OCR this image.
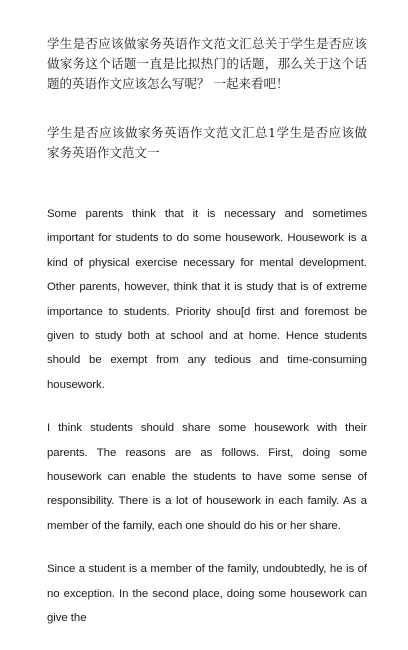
学生是否应该做家务英语作文范文汇总关于学生是否应该做家务这个话题一直是比拟热门的话题，那么关于这个话题的英语作文应该怎么写呢？ 一起来看吧！

学生是否应该做家务英语作文范文汇总1学生是否应该做家务英语作文范文一

Some parents think that it is necessary and sometimes important for students to do some housework. Housework is a kind of physical exercise necessary for mental development. Other parents, however, think that it is study that is of extreme importance to students. Priority shou[d first and foremost be given to study both at school and at home. Hence students should be exempt from any tedious and time-consuming housework.

I think students should share some housework with their parents. The reasons are as follows. First, doing some housework can enable the students to have some sense of responsibility. There is a lot of housework in each family. As a member of the family, each one should do his or her share.

Since a student is a member of the family, undoubtedly, he is of no exception. In the second place, doing some housework can give the
